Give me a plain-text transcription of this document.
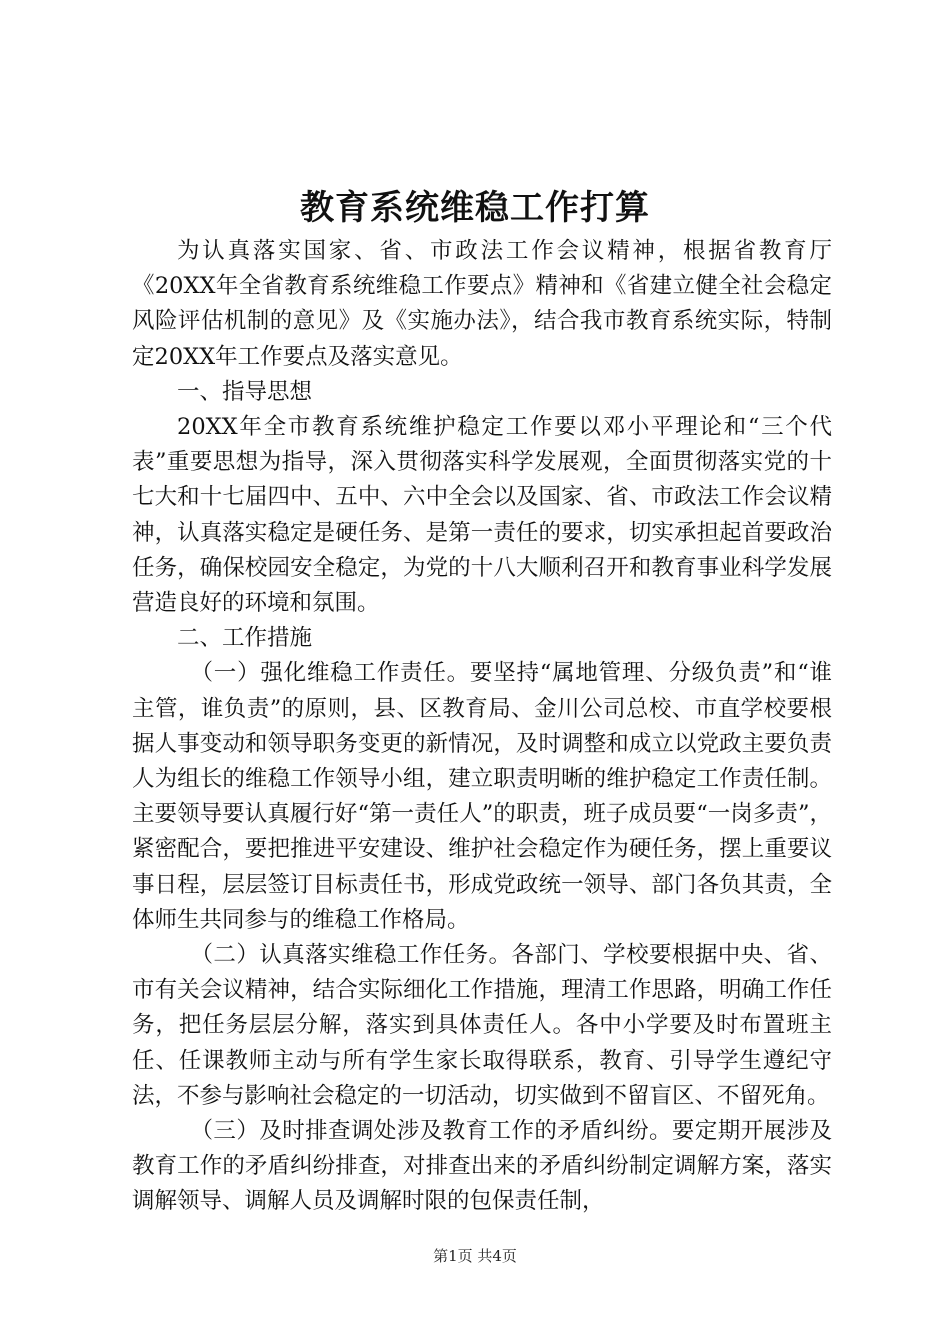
教育系统维稳工作打算

为认真落实国家、省、市政法工作会议精神，根据省教育厅《20XX年全省教育系统维稳工作要点》精神和《省建立健全社会稳定风险评估机制的意见》及《实施办法》，结合我市教育系统实际，特制定20XX年工作要点及落实意见。

一、指导思想

20XX年全市教育系统维护稳定工作要以邓小平理论和“三个代表”重要思想为指导，深入贯彻落实科学发展观，全面贯彻落实党的十七大和十七届四中、五中、六中全会以及国家、省、市政法工作会议精神，认真落实稳定是硬任务、是第一责任的要求，切实承担起首要政治任务，确保校园安全稳定，为党的十八大顺利召开和教育事业科学发展营造良好的环境和氛围。

二、工作措施

（一）强化维稳工作责任。要坚持“属地管理、分级负责”和“谁主管，谁负责”的原则，县、区教育局、金川公司总校、市直学校要根据人事变动和领导职务变更的新情况，及时调整和成立以党政主要负责人为组长的维稳工作领导小组，建立职责明晰的维护稳定工作责任制。主要领导要认真履行好“第一责任人”的职责，班子成员要“一岗多责”，紧密配合，要把推进平安建设、维护社会稳定作为硬任务，摆上重要议事日程，层层签订目标责任书，形成党政统一领导、部门各负其责，全体师生共同参与的维稳工作格局。

（二）认真落实维稳工作任务。各部门、学校要根据中央、省、市有关会议精神，结合实际细化工作措施，理清工作思路，明确工作任务，把任务层层分解，落实到具体责任人。各中小学要及时布置班主任、任课教师主动与所有学生家长取得联系，教育、引导学生遵纪守法，不参与影响社会稳定的一切活动，切实做到不留盲区、不留死角。

（三）及时排查调处涉及教育工作的矛盾纠纷。要定期开展涉及教育工作的矛盾纠纷排查，对排查出来的矛盾纠纷制定调解方案，落实调解领导、调解人员及调解时限的包保责任制，

第1页 共4页
